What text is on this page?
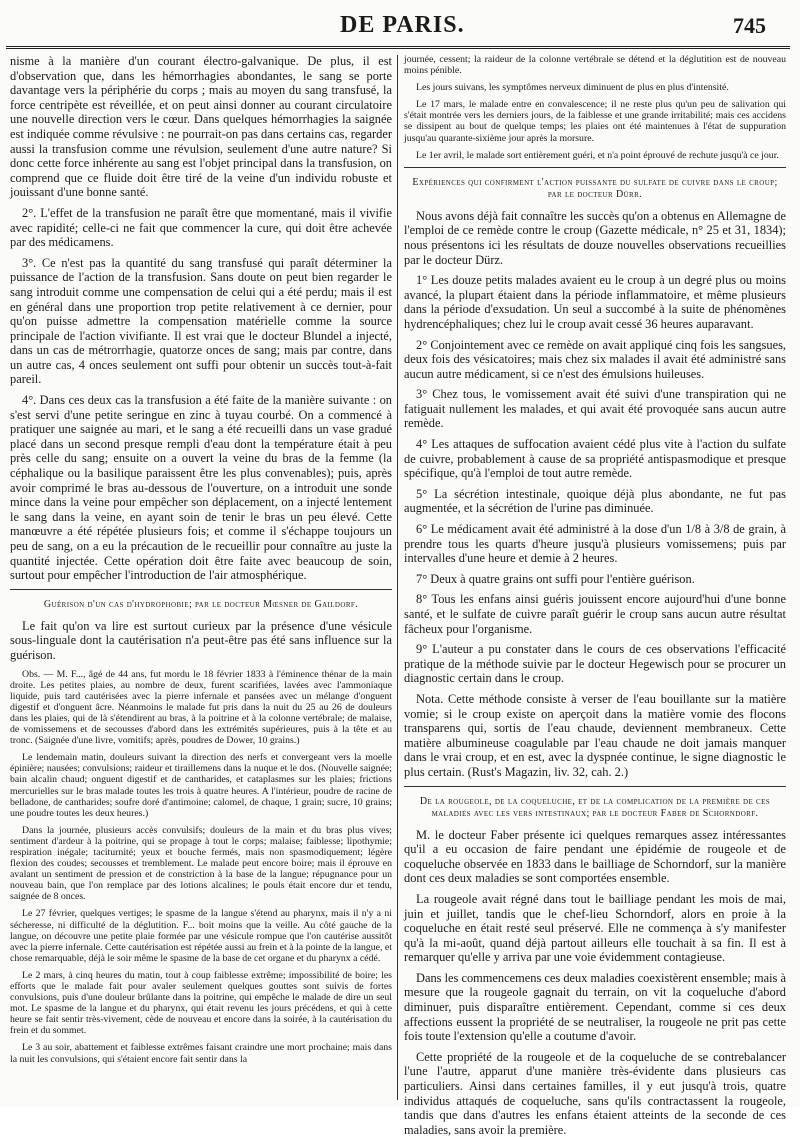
DE PARIS.	745

nisme à la manière d'un courant électro-galvanique. De plus, il est d'observation que, dans les hémorrhagies abondantes, le sang se porte davantage vers la périphérie du corps ; mais au moyen du sang transfusé, la force centripète est réveillée, et on peut ainsi donner au courant circulatoire une nouvelle direction vers le cœur. Dans quelques hémorrhagies la saignée est indiquée comme révulsive : ne pourrait-on pas dans certains cas, regarder aussi la transfusion comme une révulsion, seulement d'une autre nature? Si donc cette force inhérente au sang est l'objet principal dans la transfusion, on comprend que ce fluide doit être tiré de la veine d'un individu robuste et jouissant d'une bonne santé.

2°. L'effet de la transfusion ne paraît être que momentané, mais il vivifie avec rapidité; celle-ci ne fait que commencer la cure, qui doit être achevée par des médicamens.

3°. Ce n'est pas la quantité du sang transfusé qui paraît déterminer la puissance de l'action de la transfusion. Sans doute on peut bien regarder le sang introduit comme une compensation de celui qui a été perdu; mais il est en général dans une proportion trop petite relativement à ce dernier, pour qu'on puisse admettre la compensation matérielle comme la source principale de l'action vivifiante. Il est vrai que le docteur Blundel a injecté, dans un cas de métrorrhagie, quatorze onces de sang; mais par contre, dans un autre cas, 4 onces seulement ont suffi pour obtenir un succès tout-à-fait pareil.

4°. Dans ces deux cas la transfusion a été faite de la manière suivante : on s'est servi d'une petite seringue en zinc à tuyau courbé. On a commencé à pratiquer une saignée au mari, et le sang a été recueilli dans un vase gradué placé dans un second presque rempli d'eau dont la température était à peu près celle du sang; ensuite on a ouvert la veine du bras de la femme (la céphalique ou la basilique paraissent être les plus convenables); puis, après avoir comprimé le bras au-dessous de l'ouverture, on a introduit une sonde mince dans la veine pour empêcher son déplacement, on a injecté lentement le sang dans la veine, en ayant soin de tenir le bras un peu élevé. Cette manœuvre a été répétée plusieurs fois; et comme il s'échappe toujours un peu de sang, on a eu la précaution de le recueillir pour connaître au juste la quantité injectée. Cette opération doit être faite avec beaucoup de soin, surtout pour empêcher l'introduction de l'air atmosphérique.

Guérison d'un cas d'hydrophobie; par le docteur Mœsner de Gaildorf.

Le fait qu'on va lire est surtout curieux par la présence d'une vésicule sous-linguale dont la cautérisation n'a peut-être pas été sans influence sur la guérison.

Obs. — M. F..., âgé de 44 ans, fut mordu le 18 février 1833 à l'éminence thénar de la main droite. Les petites plaies, au nombre de deux, furent scarifiées, lavées avec l'ammoniaque liquide, puis tard cautérisées avec la pierre infernale et pansées avec un mélange d'onguent digestif et d'onguent âcre. Néanmoins le malade fut pris dans la nuit du 25 au 26 de douleurs dans les plaies, qui de là s'étendirent au bras, à la poitrine et à la colonne vertébrale; de malaise, de vomissemens et de secousses d'abord dans les extrémités supérieures, puis à la tête et au tronc. (Saignée d'une livre, vomitifs; après, poudres de Dower, 10 grains.)

Le lendemain matin, douleurs suivant la direction des nerfs et convergeant vers la moelle épinière; nausées; convulsions; raideur et tiraillemens dans la nuque et le dos. (Nouvelle saignée; bain alcalin chaud; onguent digestif et de cantharides, et cataplasmes sur les plaies; frictions mercurielles sur le bras malade toutes les trois à quatre heures. A l'intérieur, poudre de racine de belladone, de cantharides; soufre doré d'antimoine; calomel, de chaque, 1 grain; sucre, 10 grains; une poudre toutes les deux heures.)

Dans la journée, plusieurs accès convulsifs; douleurs de la main et du bras plus vives; sentiment d'ardeur à la poitrine, qui se propage à tout le corps; malaise; faiblesse; lipothymie; respiration inégale; taciturnité; yeux et bouche fermés, mais non spasmodiquement; légère flexion des coudes; secousses et tremblement. Le malade peut encore boire; mais il éprouve en avalant un sentiment de pression et de constriction à la base de la langue; répugnance pour un nouveau bain, que l'on remplace par des lotions alcalines; le pouls était encore dur et tendu, saignée de 8 onces.

Le 27 février, quelques vertiges; le spasme de la langue s'étend au pharynx, mais il n'y a ni sécheresse, ni difficulté de la déglutition. F... boit moins que la veille. Au côté gauche de la langue, on découvre une petite plaie formée par une vésicule rompue que l'on cautérise aussitôt avec la pierre infernale. Cette cautérisation est répétée aussi au frein et à la pointe de la langue, et chose remarquable, déjà le soir même le spasme de la base de cet organe et du pharynx a cédé.

Le 2 mars, à cinq heures du matin, tout à coup faiblesse extrême; impossibilité de boire; les efforts que le malade fait pour avaler seulement quelques gouttes sont suivis de fortes convulsions, puis d'une douleur brûlante dans la poitrine, qui empêche le malade de dire un seul mot. Le spasme de la langue et du pharynx, qui était revenu les jours précédens, et qui à cette heure se fait sentir très-vivement, cède de nouveau et encore dans la soirée, à la cautérisation du frein et du sommet.

Le 3 au soir, abattement et faiblesse extrêmes faisant craindre une mort prochaine; mais dans la nuit les convulsions, qui s'étaient encore fait sentir dans la

journée, cessent; la raideur de la colonne vertébrale se détend et la déglutition est de nouveau moins pénible.

Les jours suivans, les symptômes nerveux diminuent de plus en plus d'intensité.

Le 17 mars, le malade entre en convalescence; il ne reste plus qu'un peu de salivation qui s'était montrée vers les derniers jours, de la faiblesse et une grande irritabilité; mais ces accidens se dissipent au bout de quelque temps; les plaies ont été maintenues à l'état de suppuration jusqu'au quarante-sixième jour après la morsure.

Le 1er avril, le malade sort entièrement guéri, et n'a point éprouvé de rechute jusqu'à ce jour.

Expériences qui confirment l'action puissante du sulfate de cuivre dans le croup; par le docteur Dürr.

Nous avons déjà fait connaître les succès qu'on a obtenus en Allemagne de l'emploi de ce remède contre le croup (Gazette médicale, n° 25 et 31, 1834); nous présentons ici les résultats de douze nouvelles observations recueillies par le docteur Dürz.

1° Les douze petits malades avaient eu le croup à un degré plus ou moins avancé, la plupart étaient dans la période inflammatoire, et même plusieurs dans la période d'exsudation. Un seul a succombé à la suite de phénomènes hydrencéphaliques; chez lui le croup avait cessé 36 heures auparavant.

2° Conjointement avec ce remède on avait appliqué cinq fois les sangsues, deux fois des vésicatoires; mais chez six malades il avait été administré sans aucun autre médicament, si ce n'est des émulsions huileuses.

3° Chez tous, le vomissement avait été suivi d'une transpiration qui ne fatiguait nullement les malades, et qui avait été provoquée sans aucun autre remède.

4° Les attaques de suffocation avaient cédé plus vite à l'action du sulfate de cuivre, probablement à cause de sa propriété antispasmodique et presque spécifique, qu'à l'emploi de tout autre remède.

5° La sécrétion intestinale, quoique déjà plus abondante, ne fut pas augmentée, et la sécrétion de l'urine pas diminuée.

6° Le médicament avait été administré à la dose d'un 1/8 à 3/8 de grain, à prendre tous les quarts d'heure jusqu'à plusieurs vomissemens; puis par intervalles d'une heure et demie à 2 heures.

7° Deux à quatre grains ont suffi pour l'entière guérison.

8° Tous les enfans ainsi guéris jouissent encore aujourd'hui d'une bonne santé, et le sulfate de cuivre paraît guérir le croup sans aucun autre résultat fâcheux pour l'organisme.

9° L'auteur a pu constater dans le cours de ces observations l'efficacité pratique de la méthode suivie par le docteur Hegewisch pour se procurer un diagnostic certain dans le croup.

Nota. Cette méthode consiste à verser de l'eau bouillante sur la matière vomie; si le croup existe on aperçoit dans la matière vomie des flocons transparens qui, sortis de l'eau chaude, deviennent membraneux. Cette matière albumineuse coagulable par l'eau chaude ne doit jamais manquer dans le vrai croup, et en est, avec la dyspnée continue, le signe diagnostic le plus certain. (Rust's Magazin, liv. 32, cah. 2.)

De la rougeole, de la coqueluche, et de la complication de la première de ces maladies avec les vers intestinaux; par le docteur Faber de Schorndorf.

M. le docteur Faber présente ici quelques remarques assez intéressantes qu'il a eu occasion de faire pendant une épidémie de rougeole et de coqueluche observée en 1833 dans le bailliage de Schorndorf, sur la manière dont ces deux maladies se sont comportées ensemble.

La rougeole avait régné dans tout le bailliage pendant les mois de mai, juin et juillet, tandis que le chef-lieu Schorndorf, alors en proie à la coqueluche en était resté seul préservé. Elle ne commença à s'y manifester qu'à la mi-août, quand déjà partout ailleurs elle touchait à sa fin. Il est à remarquer qu'elle y arriva par une voie évidemment contagieuse.

Dans les commencemens ces deux maladies coexistèrent ensemble; mais à mesure que la rougeole gagnait du terrain, on vit la coqueluche d'abord diminuer, puis disparaître entièrement. Cependant, comme si ces deux affections eussent la propriété de se neutraliser, la rougeole ne prit pas cette fois toute l'extension qu'elle a coutume d'avoir.

Cette propriété de la rougeole et de la coqueluche de se contrebalancer l'une l'autre, apparut d'une manière très-évidente dans plusieurs cas particuliers. Ainsi dans certaines familles, il y eut jusqu'à trois, quatre individus attaqués de coqueluche, sans qu'ils contractassent la rougeole, tandis que dans d'autres les enfans étaient atteints de la seconde de ces maladies, sans avoir la première.
